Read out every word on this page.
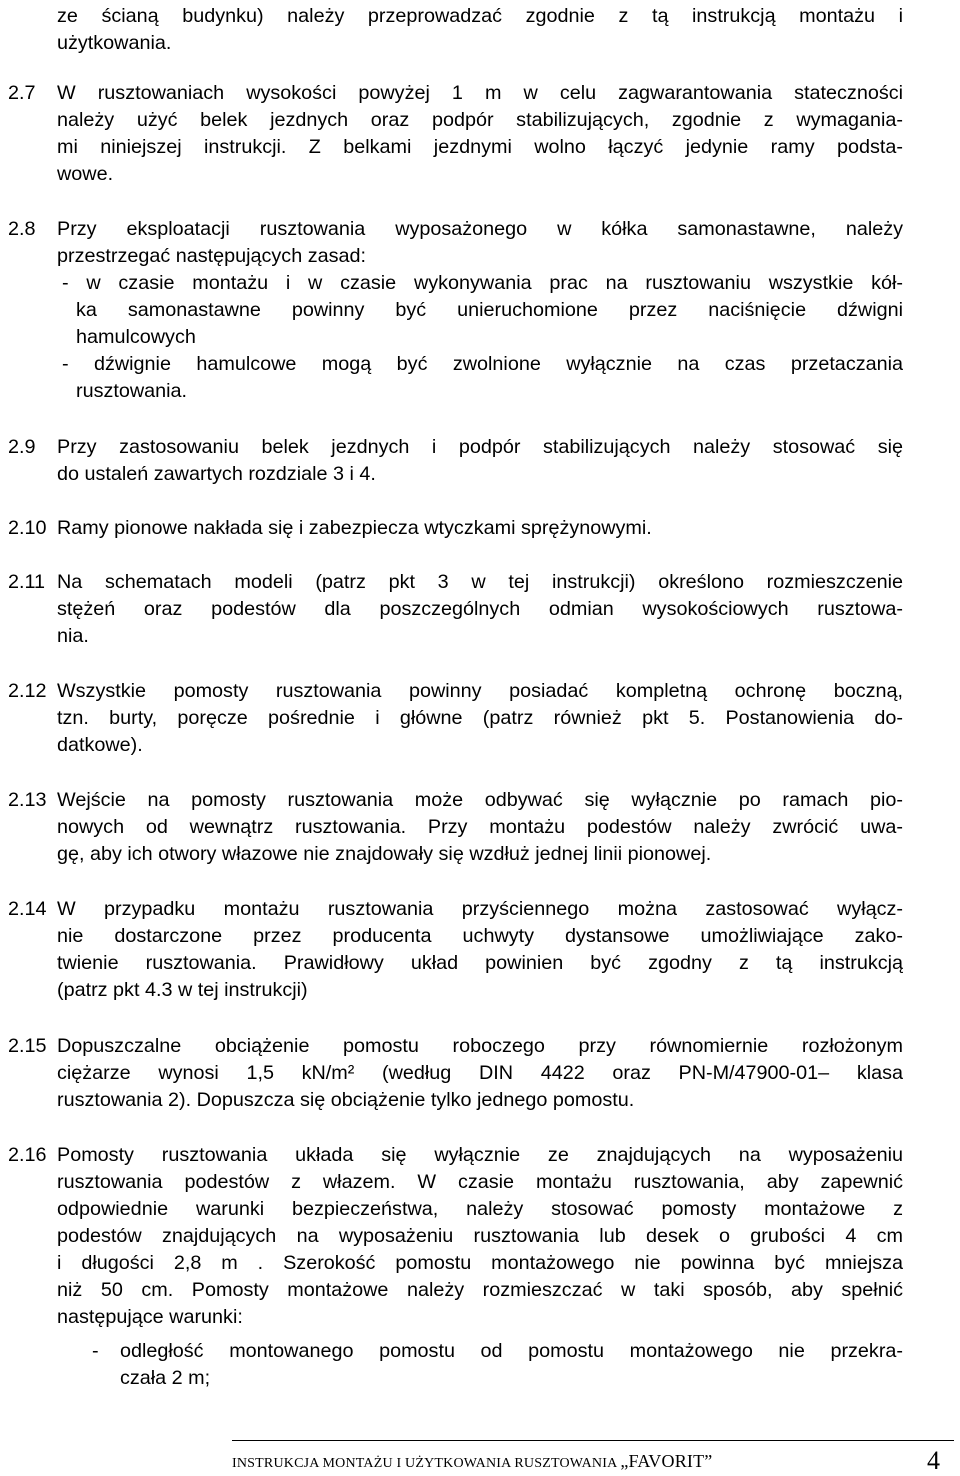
ze ścianą budynku) należy przeprowadzać zgodnie z tą instrukcją montażu i
użytkowania.
2.7 W rusztowaniach wysokości powyżej 1 m w celu zagwarantowania stateczności
należy użyć belek jezdnych oraz podpór stabilizujących, zgodnie z wymagania-
mi niniejszej instrukcji. Z belkami jezdnymi wolno łączyć jedynie ramy podsta-
wowe.
2.8 Przy eksploatacji rusztowania wyposażonego w kółka samonastawne, należy
przestrzegać następujących zasad:
- w czasie montażu i w czasie wykonywania prac na rusztowaniu wszystkie kół-
ka samonastawne powinny być unieruchomione przez naciśnięcie dźwigni
hamulcowych
- dźwignie hamulcowe mogą być zwolnione wyłącznie na czas przetaczania
rusztowania.
2.9 Przy zastosowaniu belek jezdnych i podpór stabilizujących należy stosować się
do ustaleń zawartych rozdziale 3 i 4.
2.10 Ramy pionowe nakłada się i zabezpiecza wtyczkami sprężynowymi.
2.11 Na schematach modeli (patrz pkt 3 w tej instrukcji) określono rozmieszczenie
stężeń oraz podestów dla poszczególnych odmian wysokościowych rusztowa-
nia.
2.12 Wszystkie pomosty rusztowania powinny posiadać kompletną ochronę boczną,
tzn. burty, poręcze pośrednie i główne (patrz również pkt 5. Postanowienia do-
datkowe).
2.13 Wejście na pomosty rusztowania może odbywać się wyłącznie po ramach pio-
nowych od wewnątrz rusztowania. Przy montażu podestów należy zwrócić uwa-
gę, aby ich otwory włazowe nie znajdowały się wzdłuż jednej linii pionowej.
2.14 W przypadku montażu rusztowania przyściennego można zastosować wyłącz-
nie dostarczone przez producenta uchwyty dystansowe umożliwiające zako-
twienie rusztowania. Prawidłowy układ powinien być zgodny z tą instrukcją
(patrz pkt 4.3 w tej instrukcji)
2.15 Dopuszczalne obciążenie pomostu roboczego przy równomiernie rozłożonym
ciężarze wynosi 1,5 kN/m² (według DIN 4422 oraz PN-M/47900-01– klasa
rusztowania 2). Dopuszcza się obciążenie tylko jednego pomostu.
2.16 Pomosty rusztowania układa się wyłącznie ze znajdujących na wyposażeniu
rusztowania podestów z włazem. W czasie montażu rusztowania, aby zapewnić
odpowiednie warunki bezpieczeństwa, należy stosować pomosty montażowe z
podestów znajdujących na wyposażeniu rusztowania lub desek o grubości 4 cm
i długości 2,8 m . Szerokość pomostu montażowego nie powinna być mniejsza
niż 50 cm. Pomosty montażowe należy rozmieszczać w taki sposób, aby spełnić
następujące warunki:
- odległość montowanego pomostu od pomostu montażowego nie przekra-
czała 2 m;
INSTRUKCJA MONTAŻU I UŻYTKOWANIA RUSZTOWANIA „FAVORIT”	4
